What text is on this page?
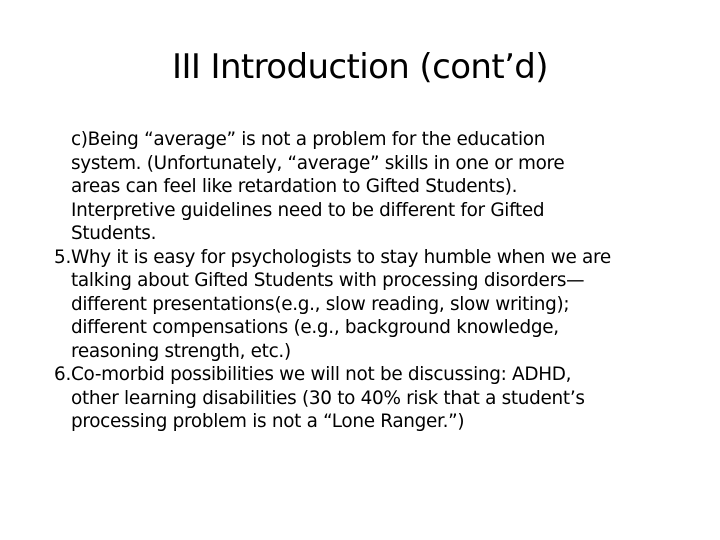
III Introduction (cont’d)
c)Being “average” is not a problem for the education
system. (Unfortunately, “average” skills in one or more
areas can feel like retardation to Gifted Students).
Interpretive guidelines need to be different for Gifted
Students.
5. Why it is easy for psychologists to stay humble when we are
talking about Gifted Students with processing disorders—
different presentations(e.g., slow reading, slow writing);
different compensations (e.g., background knowledge,
reasoning strength, etc.)
6. Co-morbid possibilities we will not be discussing: ADHD,
other learning disabilities (30 to 40% risk that a student’s
processing problem is not a “Lone Ranger.”)
